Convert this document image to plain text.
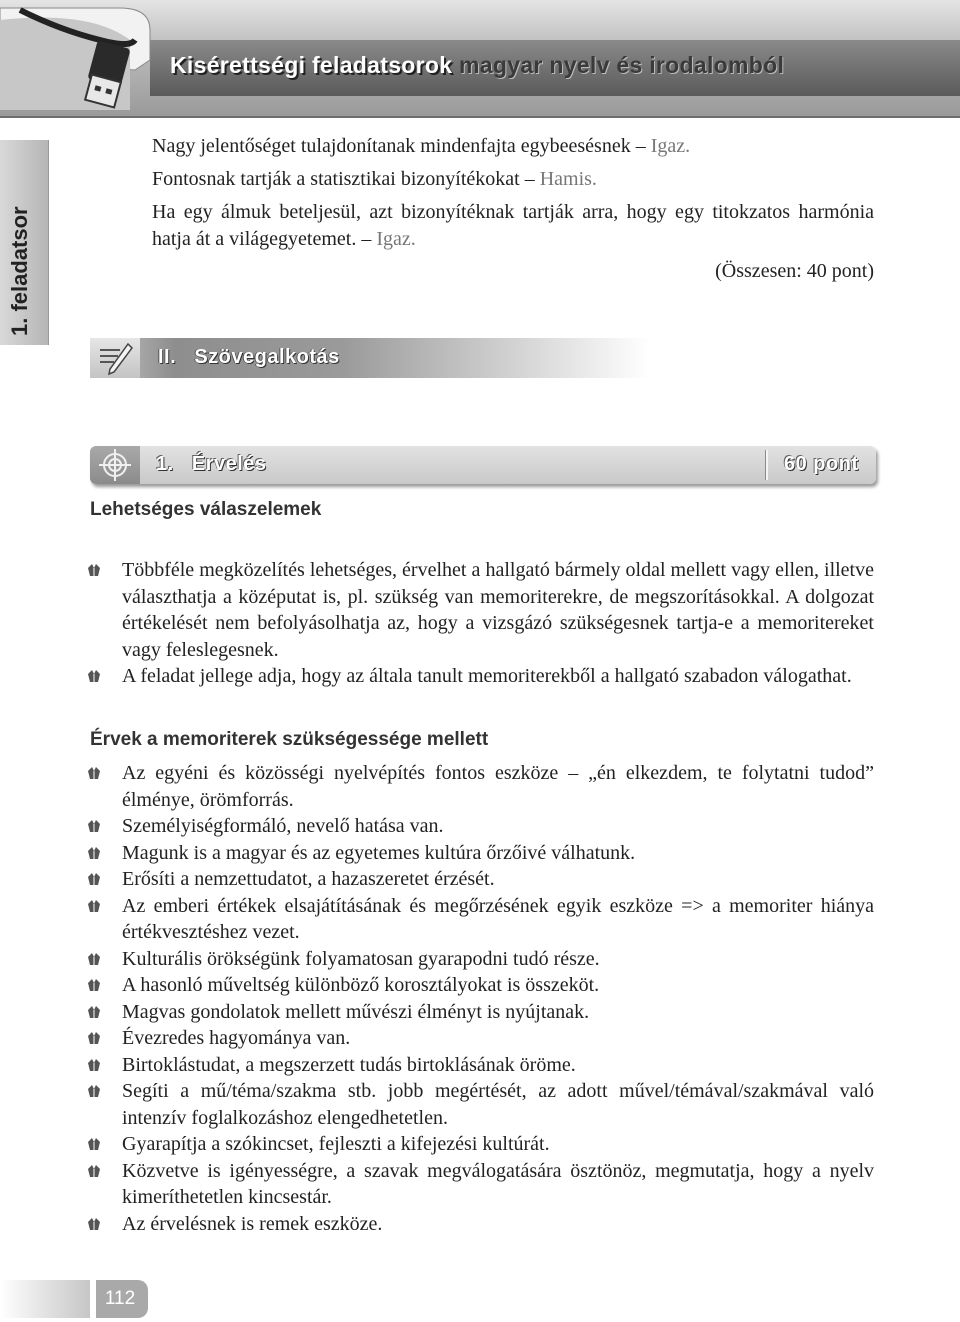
Kisérettségi feladatsorok magyar nyelv és irodalomból
1. feladatsor
Nagy jelentőséget tulajdonítanak mindenfajta egybeesésnek – Igaz.
Fontosnak tartják a statisztikai bizonyítékokat – Hamis.
Ha egy álmuk beteljesül, azt bizonyítéknak tartják arra, hogy egy titokzatos harmónia hatja át a világegyetemet. – Igaz.
(Összesen: 40 pont)
II. Szövegalkotás
1. Érvelés	60 pont
Lehetséges válaszelemek
Többféle megközelítés lehetséges, érvelhet a hallgató bármely oldal mellett vagy ellen, illetve választhatja a középutat is, pl. szükség van memoriterekre, de megszorításokkal. A dolgozat értékelését nem befolyásolhatja az, hogy a vizsgázó szükségesnek tartja-e a memoritereket vagy feleslegesnek.
A feladat jellege adja, hogy az általa tanult memoriterekből a hallgató szabadon válogathat.
Érvek a memoriterek szükségessége mellett
Az egyéni és közösségi nyelvépítés fontos eszköze – „én elkezdem, te folytatni tudod” élménye, örömforrás.
Személyiségformáló, nevelő hatása van.
Magunk is a magyar és az egyetemes kultúra őrzőivé válhatunk.
Erősíti a nemzettudatot, a hazaszeretet érzését.
Az emberi értékek elsajátításának és megőrzésének egyik eszköze => a memoriter hiánya értékvesztéshez vezet.
Kulturális örökségünk folyamatosan gyarapodni tudó része.
A hasonló műveltség különböző korosztályokat is összeköt.
Magvas gondolatok mellett művészi élményt is nyújtanak.
Évezredes hagyománya van.
Birtoklástudat, a megszerzett tudás birtoklásának öröme.
Segíti a mű/téma/szakma stb. jobb megértését, az adott művel/témával/szakmával való intenzív foglalkozáshoz elengedhetetlen.
Gyarapítja a szókincset, fejleszti a kifejezési kultúrát.
Közvetve is igényességre, a szavak megválogatására ösztönöz, megmutatja, hogy a nyelv kimeríthetetlen kincsestár.
Az érvelésnek is remek eszköze.
112
